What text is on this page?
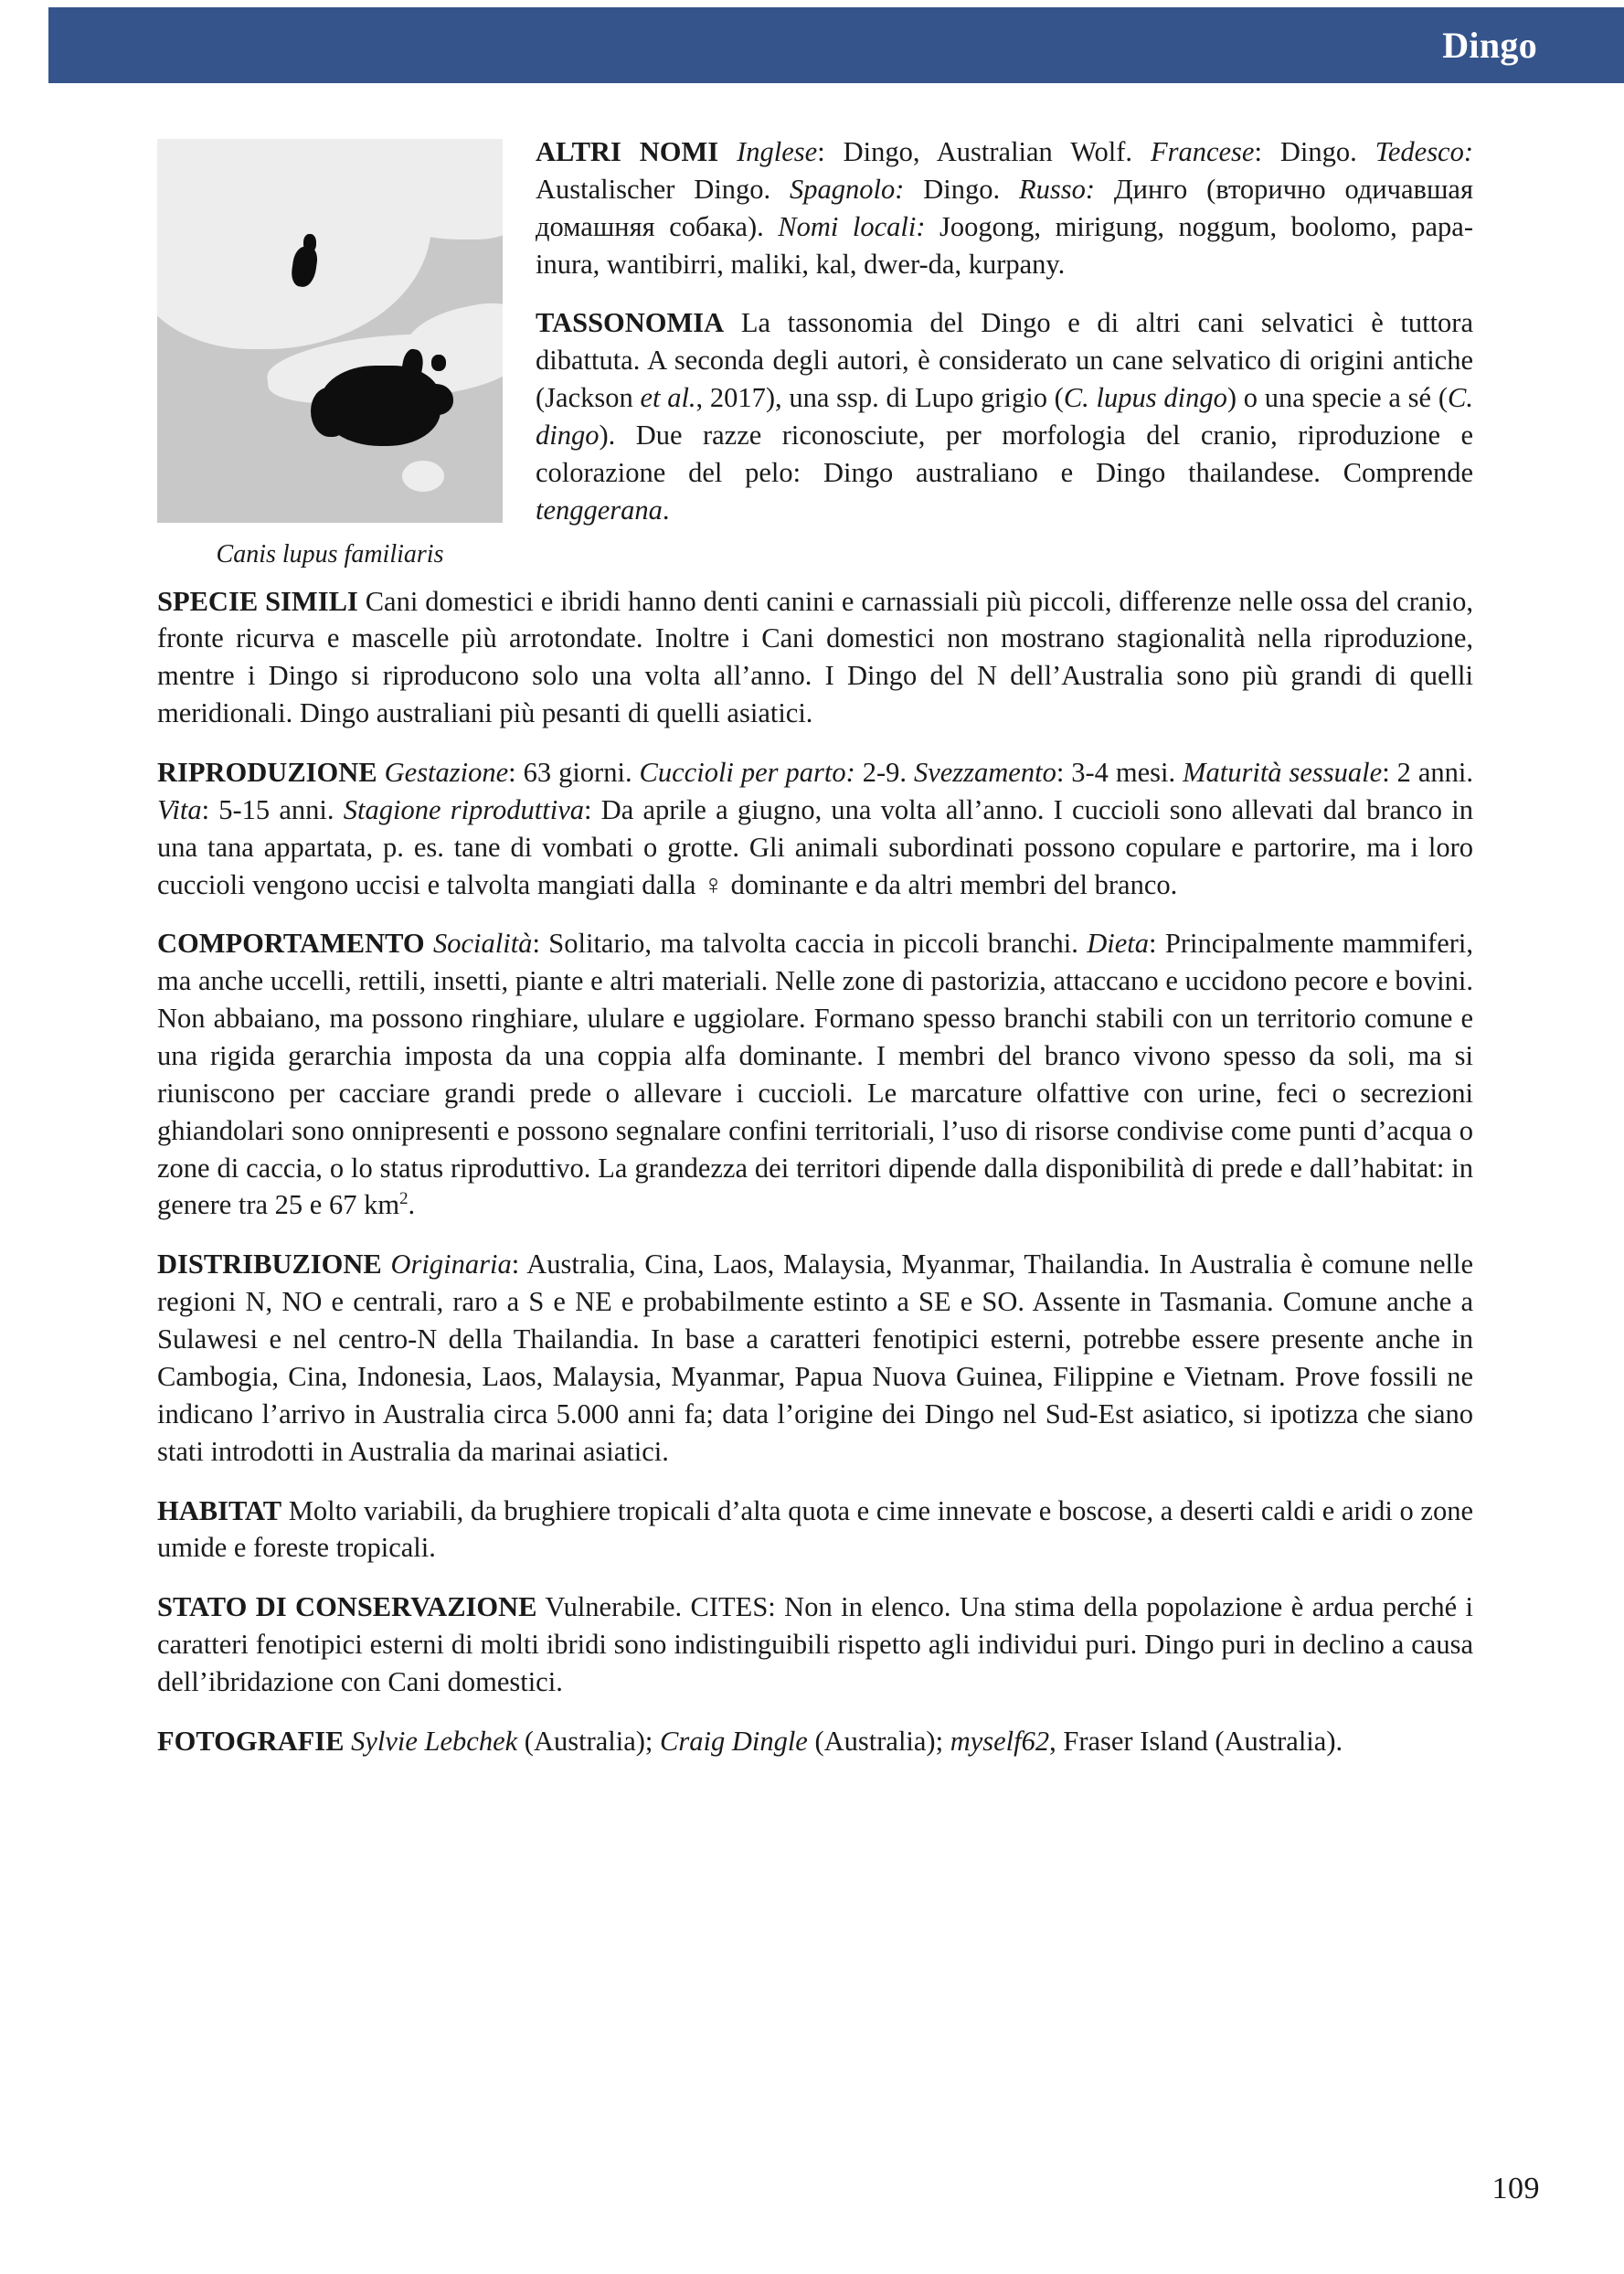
Dingo
Canis lupus familiaris

ALTRI NOMI Inglese: Dingo, Australian Wolf. Francese: Dingo. Tedesco: Austalischer Dingo. Spagnolo: Dingo. Russo: Динго (вторично одичавшая домашняя собака). Nomi locali: Joogong, mirigung, noggum, boolomo, papa-inura, wantibirri, maliki, kal, dwer-da, kurpany.

TASSONOMIA La tassonomia del Dingo e di altri cani selvatici è tuttora dibattuta. A seconda degli autori, è considerato un cane selvatico di origini antiche (Jackson et al., 2017), una ssp. di Lupo grigio (C. lupus dingo) o una specie a sé (C. dingo). Due razze riconosciute, per morfologia del cranio, riproduzione e colorazione del pelo: Dingo australiano e Dingo thailandese. Comprende tenggerana.

SPECIE SIMILI Cani domestici e ibridi hanno denti canini e carnassiali più piccoli, differenze nelle ossa del cranio, fronte ricurva e mascelle più arrotondate. Inoltre i Cani domestici non mostrano stagionalità nella riproduzione, mentre i Dingo si riproducono solo una volta all’anno. I Dingo del N dell’Australia sono più grandi di quelli meridionali. Dingo australiani più pesanti di quelli asiatici.

RIPRODUZIONE Gestazione: 63 giorni. Cuccioli per parto: 2-9. Svezzamento: 3-4 mesi. Maturità sessuale: 2 anni. Vita: 5-15 anni. Stagione riproduttiva: Da aprile a giugno, una volta all’anno. I cuccioli sono allevati dal branco in una tana appartata, p. es. tane di vombati o grotte. Gli animali subordinati possono copulare e partorire, ma i loro cuccioli vengono uccisi e talvolta mangiati dalla ♀ dominante e da altri membri del branco.

COMPORTAMENTO Socialità: Solitario, ma talvolta caccia in piccoli branchi. Dieta: Principalmente mammiferi, ma anche uccelli, rettili, insetti, piante e altri materiali. Nelle zone di pastorizia, attaccano e uccidono pecore e bovini. Non abbaiano, ma possono ringhiare, ululare e uggiolare. Formano spesso branchi stabili con un territorio comune e una rigida gerarchia imposta da una coppia alfa dominante. I membri del branco vivono spesso da soli, ma si riuniscono per cacciare grandi prede o allevare i cuccioli. Le marcature olfattive con urine, feci o secrezioni ghiandolari sono onnipresenti e possono segnalare confini territoriali, l’uso di risorse condivise come punti d’acqua o zone di caccia, o lo status riproduttivo. La grandezza dei territori dipende dalla disponibilità di prede e dall’habitat: in genere tra 25 e 67 $km^2$.

DISTRIBUZIONE Originaria: Australia, Cina, Laos, Malaysia, Myanmar, Thailandia. In Australia è comune nelle regioni N, NO e centrali, raro a S e NE e probabilmente estinto a SE e SO. Assente in Tasmania. Comune anche a Sulawesi e nel centro-N della Thailandia. In base a caratteri fenotipici esterni, potrebbe essere presente anche in Cambogia, Cina, Indonesia, Laos, Malaysia, Myanmar, Papua Nuova Guinea, Filippine e Vietnam. Prove fossili ne indicano l’arrivo in Australia circa 5.000 anni fa; data l’origine dei Dingo nel Sud-Est asiatico, si ipotizza che siano stati introdotti in Australia da marinai asiatici.

HABITAT Molto variabili, da brughiere tropicali d’alta quota e cime innevate e boscose, a deserti caldi e aridi o zone umide e foreste tropicali.

STATO DI CONSERVAZIONE Vulnerabile. CITES: Non in elenco. Una stima della popolazione è ardua perché i caratteri fenotipici esterni di molti ibridi sono indistinguibili rispetto agli individui puri. Dingo puri in declino a causa dell’ibridazione con Cani domestici.

FOTOGRAFIE Sylvie Lebchek (Australia); Craig Dingle (Australia); myself62, Fraser Island (Australia).

109
